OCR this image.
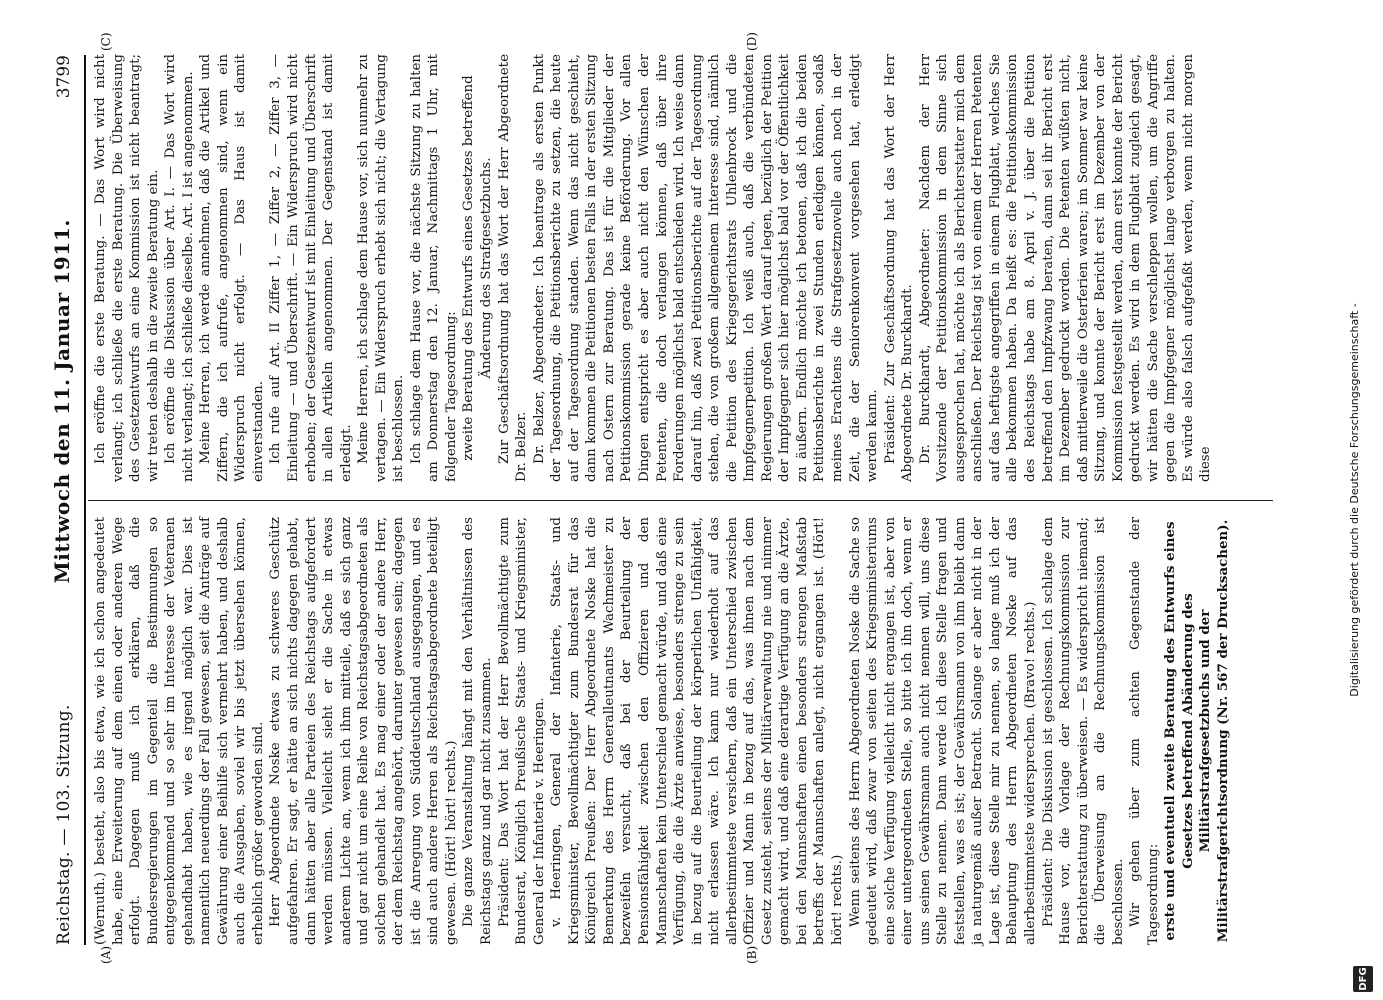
Reichstag. — 103. Sitzung.
Mittwoch den 11. Januar 1911.
3799
(A)	(B)
(C)	(D)

(Wernuth.) besteht, also bis etwa, wie ich schon angedeutet habe, eine Erweiterung auf dem einen oder anderen Wege erfolgt. Dagegen muß ich erklären, daß die Bundesregierungen im Gegenteil die Bestimmungen so entgegenkommend und so sehr im Interesse der Veteranen gehandhabt haben, wie es irgend möglich war. Dies ist namentlich neuerdings der Fall gewesen, seit die Anträge auf Gewährung einer Beihilfe sich vermehrt haben, und deshalb auch die Ausgaben, soviel wir bis jetzt übersehen können, erheblich größer geworden sind. Herr Abgeordnete Noske etwas zu schweres Geschütz aufgefahren. Er sagt, er hätte an sich nichts dagegen gehabt, dann hätten aber alle Parteien des Reichstags aufgefordert werden müssen. Vielleicht sieht er die Sache in etwas anderem Lichte an, wenn ich ihm mitteile, daß es sich ganz und gar nicht um eine Reihe von Reichstagsabgeordneten als solchen gehandelt hat. Es mag einer oder der andere Herr, der dem Reichstag angehört, darunter gewesen sein; dagegen ist die Anregung von Süddeutschland ausgegangen, und es sind auch andere Herren als Reichstagsabgeordnete beteiligt gewesen. (Hört! hört! rechts.) Die ganze Veranstaltung hängt mit den Verhältnissen des Reichstags ganz und gar nicht zusammen. Präsident: Das Wort hat der Herr Bevollmächtigte zum Bundesrat, Königlich Preußische Staats- und Kriegsminister, General der Infanterie v. Heeringen. v. Heeringen, General der Infanterie, Staats- und Kriegsminister, Bevollmächtigter zum Bundesrat für das Königreich Preußen: Der Herr Abgeordnete Noske hat die Bemerkung des Herrn Generalleutnants Wachmeister zu bezweifeln versucht, daß bei der Beurteilung der Pensionsfähigkeit zwischen den Offizieren und den Mannschaften kein Unterschied gemacht würde, und daß eine Verfügung, die die Ärzte anwiese, besonders strenge zu sein in bezug auf die Beurteilung der körperlichen Unfähigkeit, nicht erlassen wäre. Ich kann nur wiederholt auf das allerbestimmteste versichern, daß ein Unterschied zwischen Offizier und Mann in bezug auf das, was ihnen nach dem Gesetz zusteht, seitens der Militärverwaltung nie und nimmer gemacht wird, und daß eine derartige Verfügung an die Ärzte, bei den Mannschaften einen besonders strengen Maßstab betreffs der Mannschaften anlegt, nicht ergangen ist. (Hört! hört! rechts.) Wenn seitens des Herrn Abgeordneten Noske die Sache so gedeutet wird, daß zwar von seiten des Kriegsministeriums eine solche Verfügung vielleicht nicht ergangen ist, aber von einer untergeordneten Stelle, so bitte ich ihn doch, wenn er uns seinen Gewährsmann auch nicht nennen will, uns diese Stelle zu nennen. Dann werde ich diese Stelle fragen und feststellen, was es ist; der Gewährsmann von ihm bleibt dann ja naturgemäß außer Betracht. Solange er aber nicht in der Lage ist, diese Stelle mir zu nennen, so lange muß ich der Behauptung des Herrn Abgeordneten Noske auf das allerbestimmteste widersprechen. (Bravo! rechts.) Präsident: Die Diskussion ist geschlossen. Ich schlage dem Hause vor, die Vorlage der Rechnungskommission zur Berichterstattung zu überweisen. — Es widerspricht niemand; die Überweisung an die Rechnungskommission ist beschlossen. Wir gehen über zum achten Gegenstande der Tagesordnung: erste und eventuell zweite Beratung des Entwurfs eines Gesetzes betreffend Abänderung des Militärstrafgesetzbuchs und der Militärstrafgerichtsordnung (Nr. 567 der Drucksachen).

Ich eröffne die erste Beratung. — Das Wort wird nicht verlangt; ich schließe die erste Beratung. Die Überweisung des Gesetzentwurfs an eine Kommission ist nicht beantragt; wir treten deshalb in die zweite Beratung ein. Ich eröffne die Diskussion über Art. I. — Das Wort wird nicht verlangt; ich schließe dieselbe. Art. I ist angenommen. Meine Herren, ich werde annehmen, daß die Artikel und Ziffern, die ich aufrufe, angenommen sind, wenn ein Widerspruch nicht erfolgt. — Das Haus ist damit einverstanden. Ich rufe auf Art. II Ziffer 1, — Ziffer 2, — Ziffer 3, — Einleitung — und Überschrift. — Ein Widerspruch wird nicht erhoben; der Gesetzentwurf ist mit Einleitung und Überschrift in allen Artikeln angenommen. Der Gegenstand ist damit erledigt. Meine Herren, ich schlage dem Hause vor, sich nunmehr zu vertagen. — Ein Widerspruch erhebt sich nicht; die Vertagung ist beschlossen. Ich schlage dem Hause vor, die nächste Sitzung zu halten am Donnerstag den 12. Januar, Nachmittags 1 Uhr, mit folgender Tagesordnung: zweite Beratung des Entwurfs eines Gesetzes betreffend Änderung des Strafgesetzbuchs. Zur Geschäftsordnung hat das Wort der Herr Abgeordnete Dr. Belzer. Dr. Belzer, Abgeordneter: Ich beantrage als ersten Punkt der Tagesordnung, die Petitionsberichte zu setzen, die heute auf der Tagesordnung standen. Wenn das nicht geschieht, dann kommen die Petitionen besten Falls in der ersten Sitzung nach Ostern zur Beratung. Das ist für die Mitglieder der Petitionskommission gerade keine Beförderung. Vor allen Dingen entspricht es aber auch nicht den Wünschen der Petenten, die doch verlangen können, daß über ihre Forderungen möglichst bald entschieden wird. Ich weise dann darauf hin, daß zwei Petitionsberichte auf der Tagesordnung stehen, die von großem allgemeinem Interesse sind, nämlich die Petition des Kriegsgerichtsrats Uhlenbrock und die Impfgegnerpetition. Ich weiß auch, daß die verbündeten Regierungen großen Wert darauf legen, bezüglich der Petition der Impfgegner sich hier möglichst bald vor der Öffentlichkeit zu äußern. Endlich möchte ich betonen, daß ich die beiden Petitionsberichte in zwei Stunden erledigen können, sodaß meines Erachtens die Strafgesetznovelle auch noch in der Zeit, die der Seniorenkonvent vorgesehen hat, erledigt werden kann. Präsident: Zur Geschäftsordnung hat das Wort der Herr Abgeordnete Dr. Burckhardt. Dr. Burckhardt, Abgeordneter: Nachdem der Herr Vorsitzende der Petitionskommission in dem Sinne sich ausgesprochen hat, möchte ich als Berichterstatter mich dem anschließen. Der Reichstag ist von einem der Herren Petenten auf das heftigste angegriffen in einem Flugblatt, welches Sie alle bekommen haben. Da heißt es: die Petitionskommission des Reichstags habe am 8. April v. J. über die Petition betreffend den Impfzwang beraten, dann sei ihr Bericht erst im Dezember gedruckt worden. Die Petenten wüßten nicht, daß mittlerweile die Osterferien waren; im Sommer war keine Sitzung, und konnte der Bericht erst im Dezember von der Kommission festgestellt werden, dann erst konnte der Bericht gedruckt werden. Es wird in dem Flugblatt zugleich gesagt, wir hätten die Sache verschleppen wollen, um die Angriffe gegen die Impfgegner möglichst lange verborgen zu halten. Es würde also falsch aufgefaßt werden, wenn nicht morgen diese

DFG
Digitalisierung gefördert durch die Deutsche Forschungsgemeinschaft -
